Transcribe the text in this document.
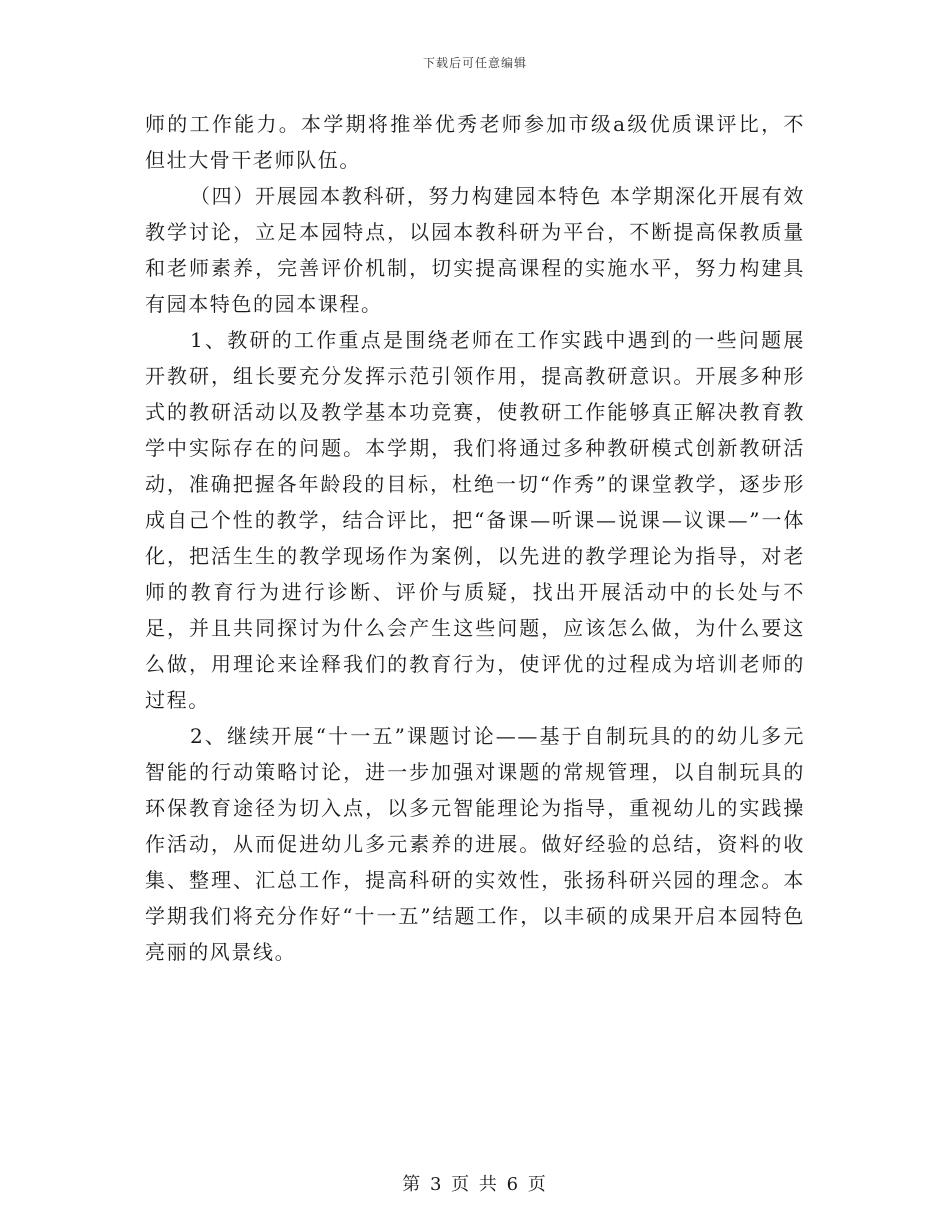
下载后可任意编辑

师的工作能力。本学期将推举优秀老师参加市级a级优质课评比，不但壮大骨干老师队伍。

（四）开展园本教科研，努力构建园本特色 本学期深化开展有效教学讨论，立足本园特点，以园本教科研为平台，不断提高保教质量和老师素养，完善评价机制，切实提高课程的实施水平，努力构建具有园本特色的园本课程。

1、教研的工作重点是围绕老师在工作实践中遇到的一些问题展开教研，组长要充分发挥示范引领作用，提高教研意识。开展多种形式的教研活动以及教学基本功竞赛，使教研工作能够真正解决教育教学中实际存在的问题。本学期，我们将通过多种教研模式创新教研活动，准确把握各年龄段的目标，杜绝一切“作秀”的课堂教学，逐步形成自己个性的教学，结合评比，把“备课—听课—说课—议课—”一体化，把活生生的教学现场作为案例，以先进的教学理论为指导，对老师的教育行为进行诊断、评价与质疑，找出开展活动中的长处与不足，并且共同探讨为什么会产生这些问题，应该怎么做，为什么要这么做，用理论来诠释我们的教育行为，使评优的过程成为培训老师的过程。

2、继续开展“十一五”课题讨论——基于自制玩具的的幼儿多元智能的行动策略讨论，进一步加强对课题的常规管理，以自制玩具的环保教育途径为切入点，以多元智能理论为指导，重视幼儿的实践操作活动，从而促进幼儿多元素养的进展。做好经验的总结，资料的收集、整理、汇总工作，提高科研的实效性，张扬科研兴园的理念。本学期我们将充分作好“十一五”结题工作，以丰硕的成果开启本园特色亮丽的风景线。

第 3 页 共 6 页
